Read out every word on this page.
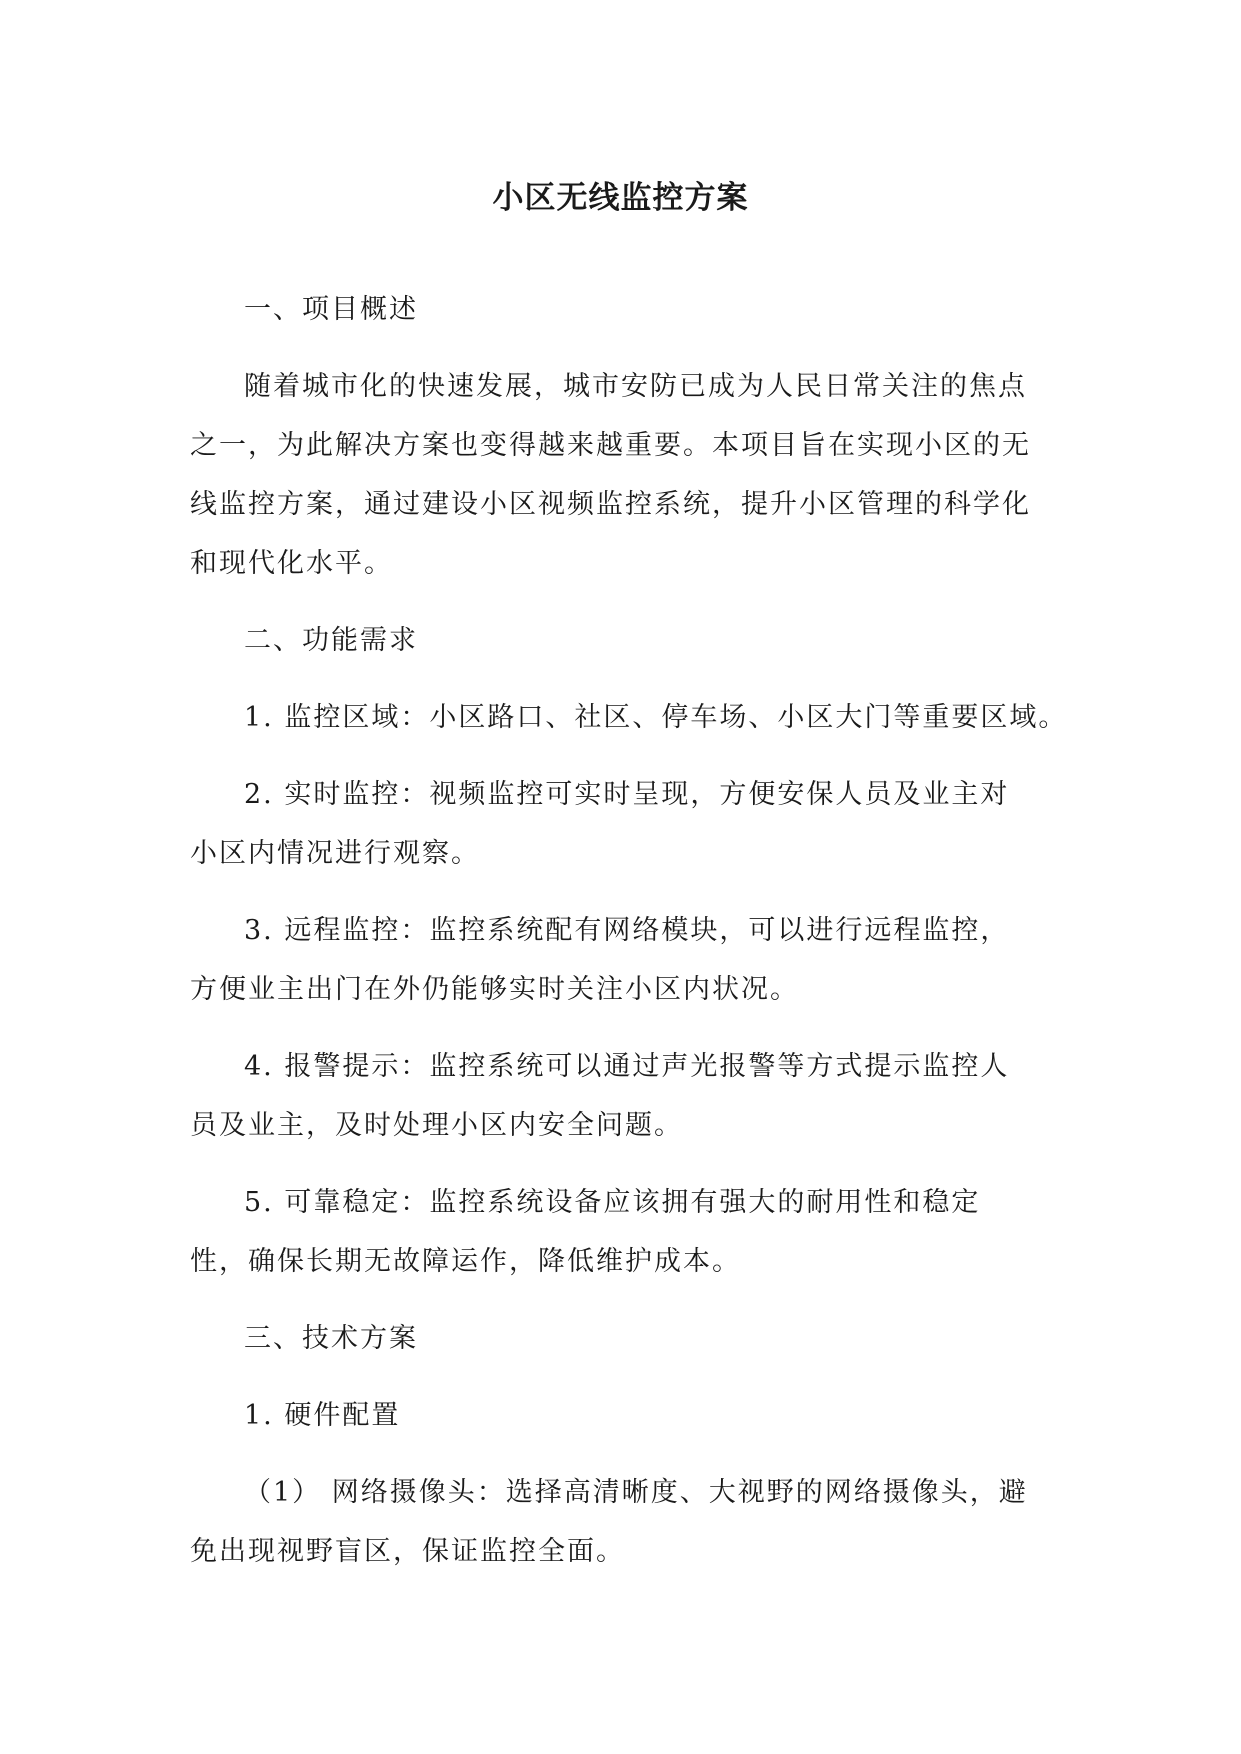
小区无线监控方案

一、项目概述

随着城市化的快速发展，城市安防已成为人民日常关注的焦点之一，为此解决方案也变得越来越重要。本项目旨在实现小区的无线监控方案，通过建设小区视频监控系统，提升小区管理的科学化和现代化水平。

二、功能需求

1. 监控区域：小区路口、社区、停车场、小区大门等重要区域。

2. 实时监控：视频监控可实时呈现，方便安保人员及业主对小区内情况进行观察。

3. 远程监控：监控系统配有网络模块，可以进行远程监控，方便业主出门在外仍能够实时关注小区内状况。

4. 报警提示：监控系统可以通过声光报警等方式提示监控人员及业主，及时处理小区内安全问题。

5. 可靠稳定：监控系统设备应该拥有强大的耐用性和稳定性，确保长期无故障运作，降低维护成本。

三、技术方案

1. 硬件配置

（1） 网络摄像头：选择高清晰度、大视野的网络摄像头，避免出现视野盲区，保证监控全面。
